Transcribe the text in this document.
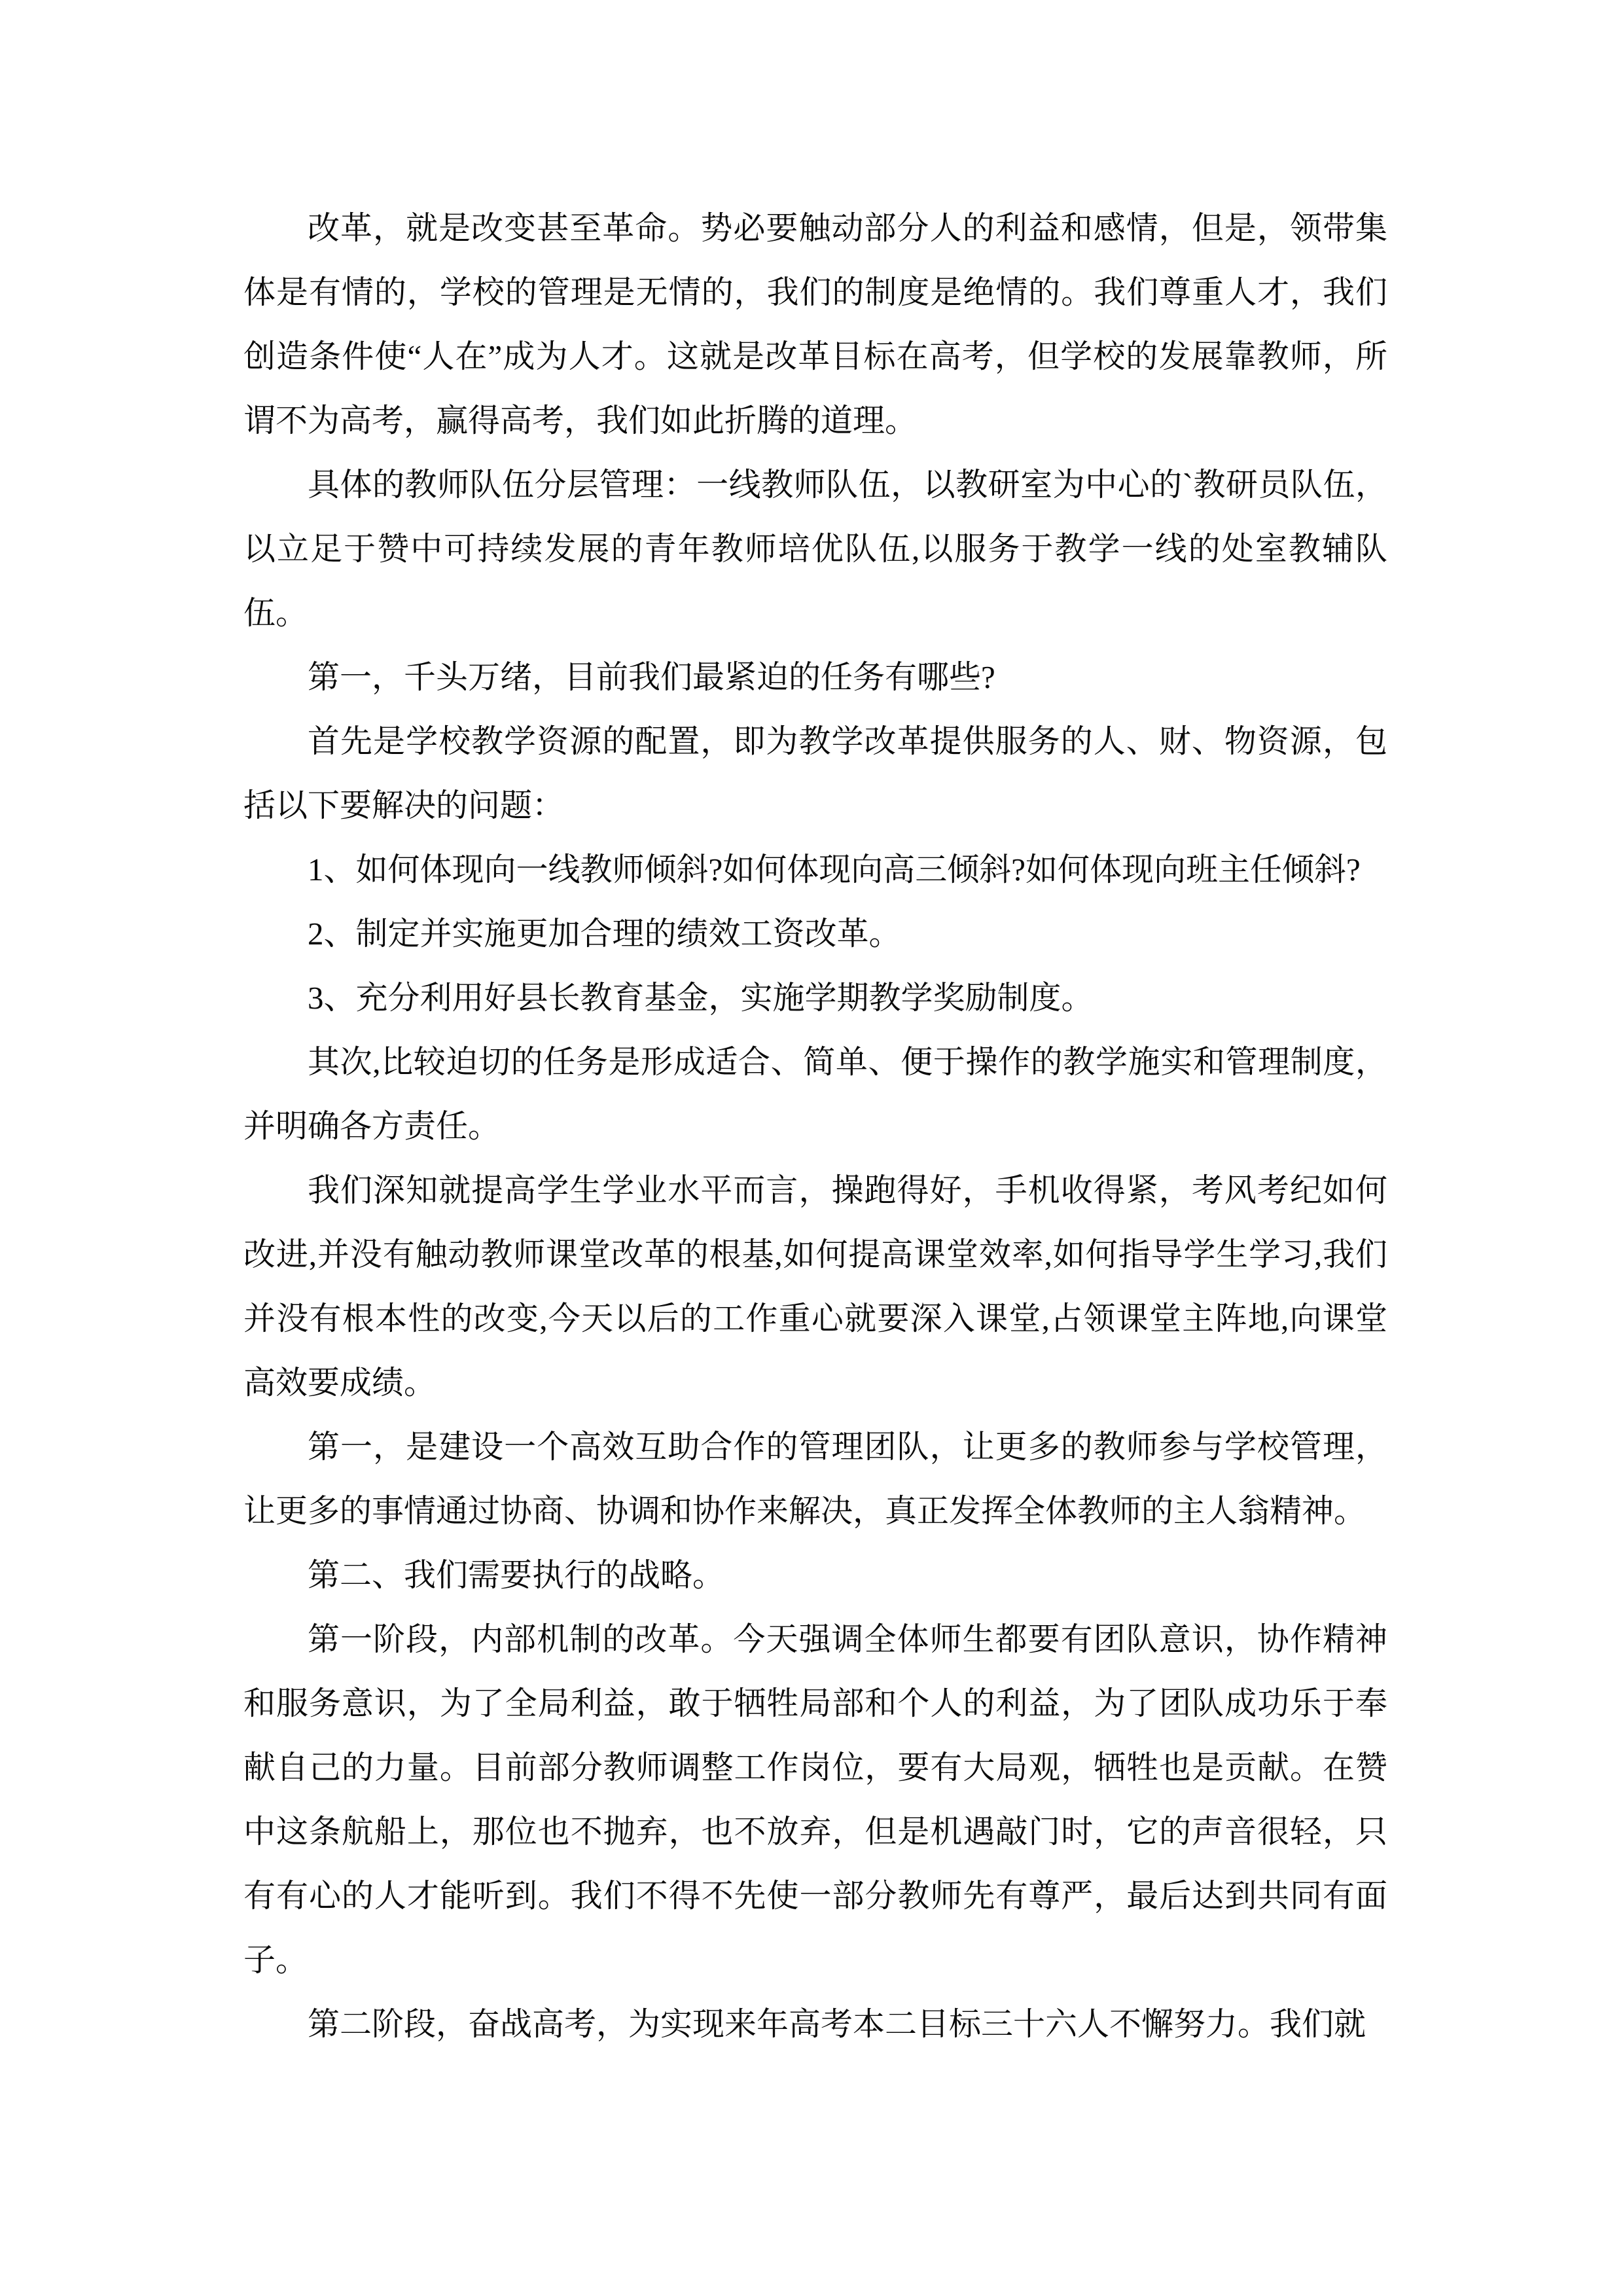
改革，就是改变甚至革命。势必要触动部分人的利益和感情，但是，领带集体是有情的，学校的管理是无情的，我们的制度是绝情的。我们尊重人才，我们创造条件使“人在”成为人才。这就是改革目标在高考，但学校的发展靠教师，所谓不为高考，赢得高考，我们如此折腾的道理。

具体的教师队伍分层管理：一线教师队伍，以教研室为中心的`教研员队伍，以立足于赞中可持续发展的青年教师培优队伍,以服务于教学一线的处室教辅队伍。

第一，千头万绪，目前我们最紧迫的任务有哪些?

首先是学校教学资源的配置，即为教学改革提供服务的人、财、物资源，包括以下要解决的问题：

1、如何体现向一线教师倾斜?如何体现向高三倾斜?如何体现向班主任倾斜?

2、制定并实施更加合理的绩效工资改革。

3、充分利用好县长教育基金，实施学期教学奖励制度。

其次,比较迫切的任务是形成适合、简单、便于操作的教学施实和管理制度，并明确各方责任。

我们深知就提高学生学业水平而言，操跑得好，手机收得紧，考风考纪如何改进,并没有触动教师课堂改革的根基,如何提高课堂效率,如何指导学生学习,我们并没有根本性的改变,今天以后的工作重心就要深入课堂,占领课堂主阵地,向课堂高效要成绩。

第一，是建设一个高效互助合作的管理团队，让更多的教师参与学校管理，让更多的事情通过协商、协调和协作来解决，真正发挥全体教师的主人翁精神。

第二、我们需要执行的战略。

第一阶段，内部机制的改革。今天强调全体师生都要有团队意识，协作精神和服务意识，为了全局利益，敢于牺牲局部和个人的利益，为了团队成功乐于奉献自己的力量。目前部分教师调整工作岗位，要有大局观，牺牲也是贡献。在赞中这条航船上，那位也不抛弃，也不放弃，但是机遇敲门时，它的声音很轻，只有有心的人才能听到。我们不得不先使一部分教师先有尊严，最后达到共同有面子。

第二阶段，奋战高考，为实现来年高考本二目标三十六人不懈努力。我们就
